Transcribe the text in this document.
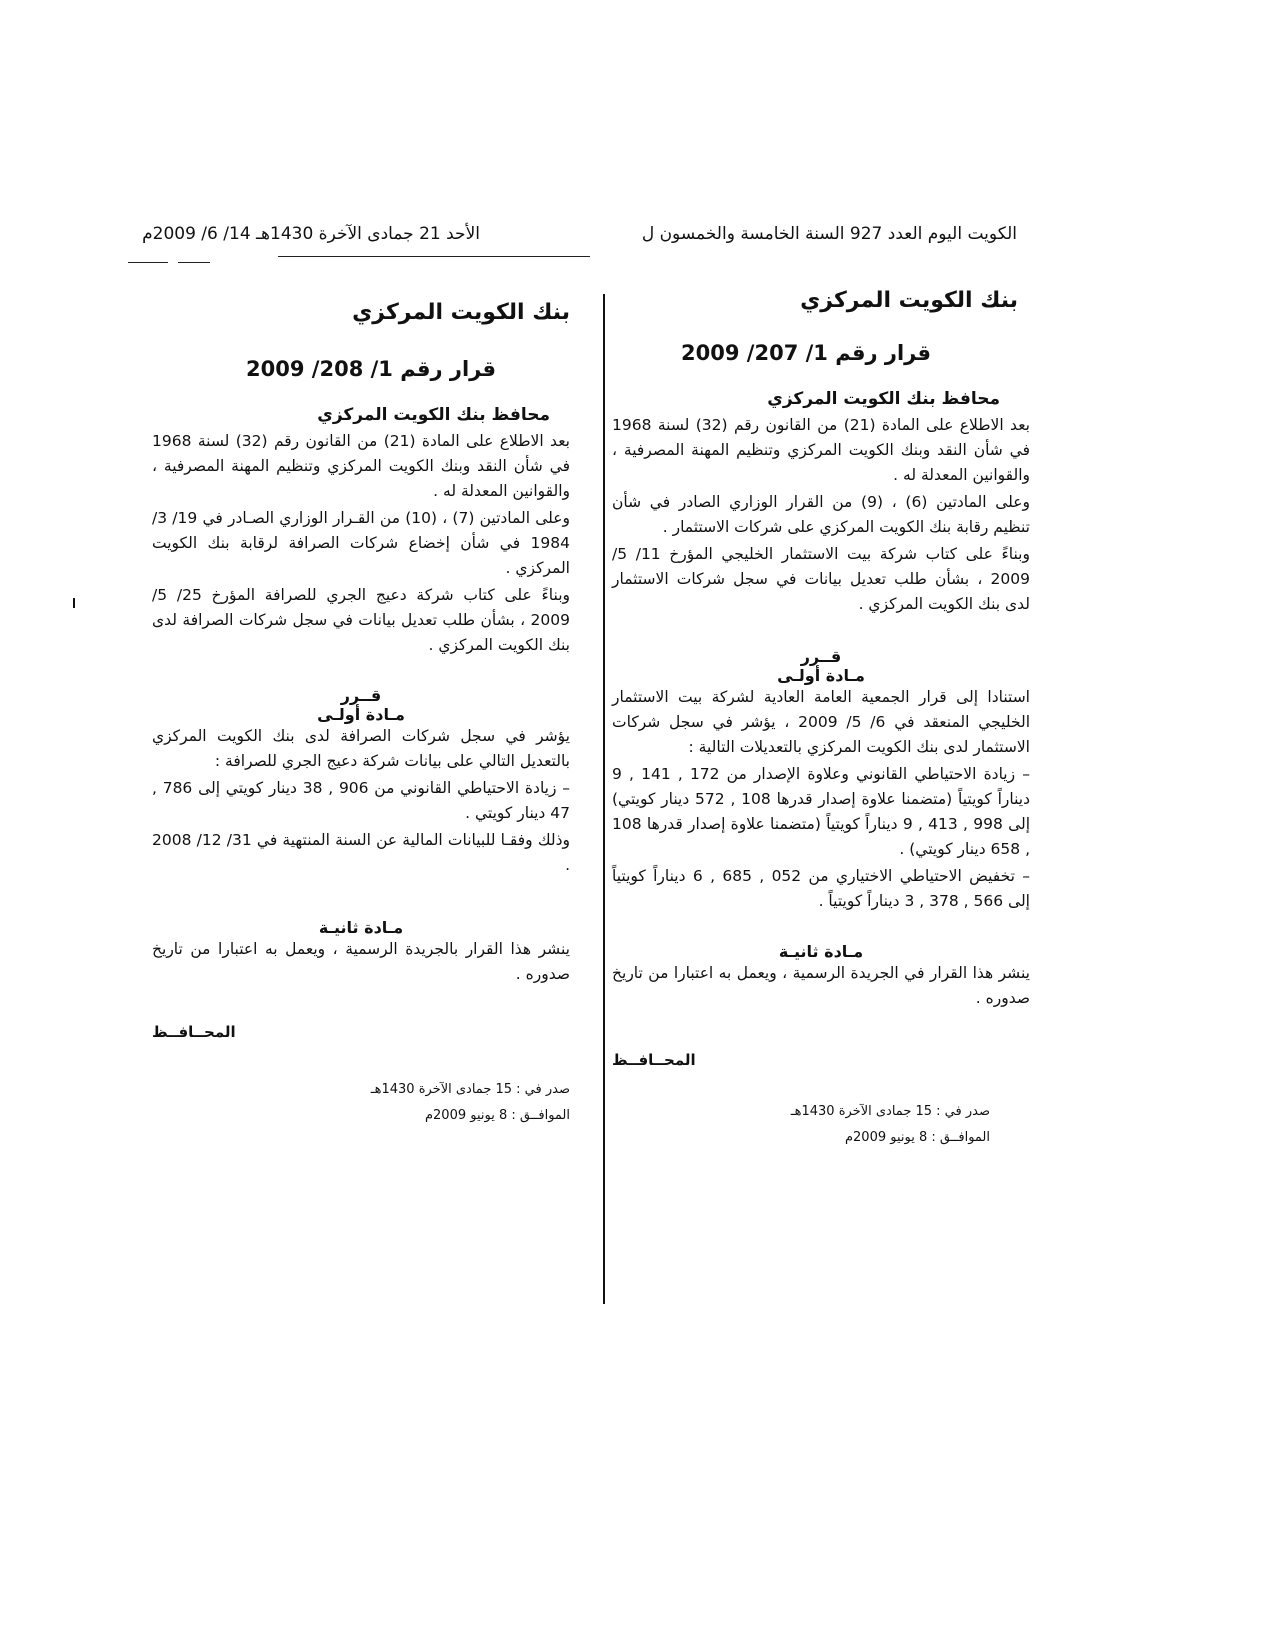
الكويت اليوم العدد 927 السنة الخامسة والخمسون ل
الأحد 21 جمادى الآخرة 1430هـ 14/ 6/ 2009م
بنك الكويت المركزي
قرار رقم 1/ 207/ 2009
محافظ بنك الكويت المركزي

بعد الاطلاع على المادة (21) من القانون رقم (32) لسنة 1968 في شأن النقد وبنك الكويت المركزي وتنظيم المهنة المصرفية ، والقوانين المعدلة له .

وعلى المادتين (6) ، (9) من القرار الوزاري الصادر في شأن تنظيم رقابة بنك الكويت المركزي على شركات الاستثمار .

وبناءً على كتاب شركة بيت الاستثمار الخليجي المؤرخ 11/ 5/ 2009 ، بشأن طلب تعديل بيانات في سجل شركات الاستثمار لدى بنك الكويت المركزي .

قــرر
مـادة أولـى

استنادا إلى قرار الجمعية العامة العادية لشركة بيت الاستثمار الخليجي المنعقد في 6/ 5/ 2009 ، يؤشر في سجل شركات الاستثمار لدى بنك الكويت المركزي بالتعديلات التالية :

– زيادة الاحتياطي القانوني وعلاوة الإصدار من 172 , 141 , 9 ديناراً كويتياً (متضمنا علاوة إصدار قدرها 108 , 572 دينار كويتي) إلى 998 , 413 , 9 ديناراً كويتياً (متضمنا علاوة إصدار قدرها 108 , 658 دينار كويتي) .

– تخفيض الاحتياطي الاختياري من 052 , 685 , 6 ديناراً كويتياً إلى 566 , 378 , 3 ديناراً كويتياً .

مـادة ثانيـة

ينشر هذا القرار في الجريدة الرسمية ، ويعمل به اعتبارا من تاريخ صدوره .

المحــافــظ
صدر في : 15 جمادى الآخرة 1430هـ
الموافــق : 8 يونيو 2009م
بنك الكويت المركزي
قرار رقم 1/ 208/ 2009
محافظ بنك الكويت المركزي

بعد الاطلاع على المادة (21) من القانون رقم (32) لسنة 1968 في شأن النقد وبنك الكويت المركزي وتنظيم المهنة المصرفية ، والقوانين المعدلة له .

وعلى المادتين (7) ، (10) من القـرار الوزاري الصـادر في 19/ 3/ 1984 في شأن إخضاع شركات الصرافة لرقابة بنك الكويت المركزي .

وبناءً على كتاب شركة دعيج الجري للصرافة المؤرخ 25/ 5/ 2009 ، بشأن طلب تعديل بيانات في سجل شركات الصرافة لدى بنك الكويت المركزي .

قــرر
مـادة أولـى

يؤشر في سجل شركات الصرافة لدى بنك الكويت المركزي بالتعديل التالي على بيانات شركة دعيج الجري للصرافة :

– زيادة الاحتياطي القانوني من 906 , 38 دينار كويتي إلى 786 , 47 دينار كويتي .

وذلك وفقـا للبيانات المالية عن السنة المنتهية في 31/ 12/ 2008 .

مـادة ثانيـة

ينشر هذا القرار بالجريدة الرسمية ، ويعمل به اعتبارا من تاريخ صدوره .

المحــافــظ
صدر في : 15 جمادى الآخرة 1430هـ
الموافــق : 8 يونيو 2009م
